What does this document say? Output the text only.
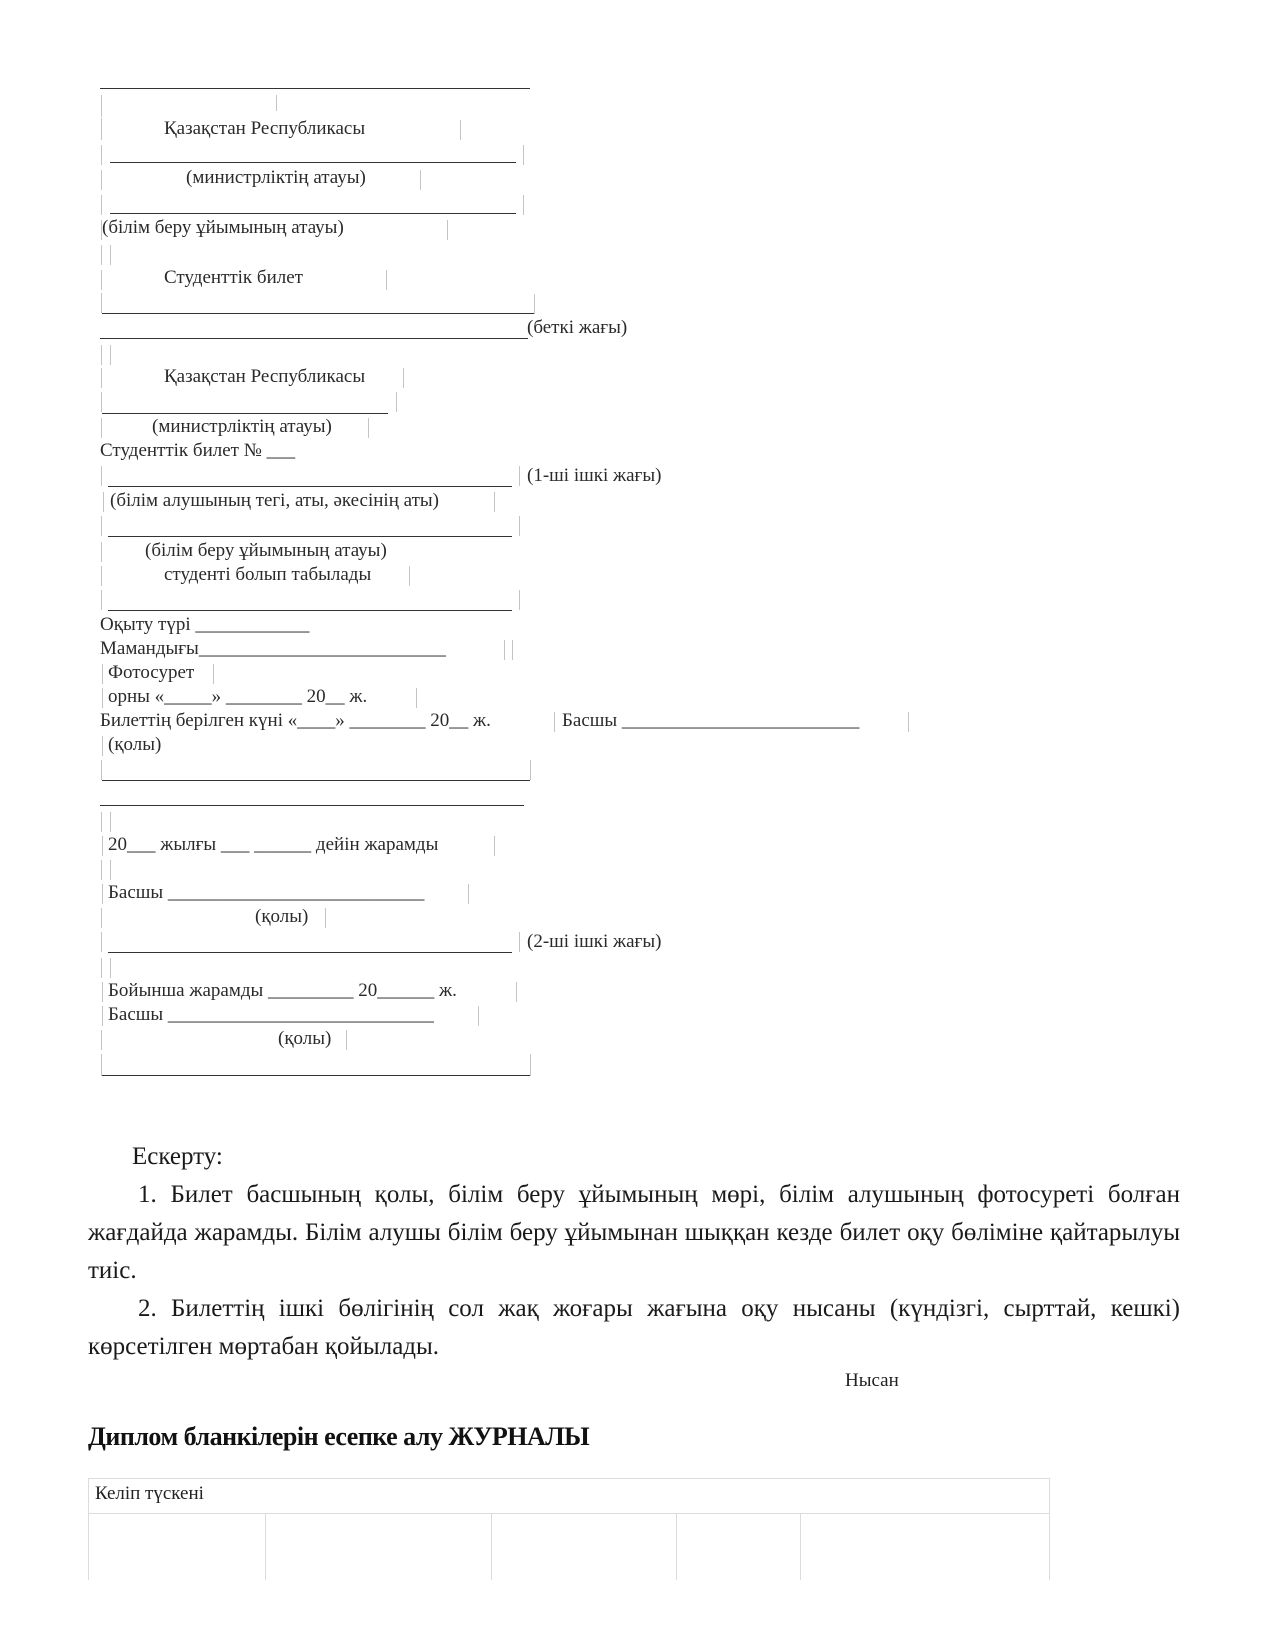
Қазақстан Республикасы
(министрліктің атауы)
(білім беру ұйымының атауы)
Студенттік билет
(беткі жағы)
Қазақстан Республикасы
(министрліктің атауы)
Студенттік билет № ___
(1-ші ішкі жағы)
(білім алушының тегі, аты, әкесінің аты)
(білім беру ұйымының атауы)
студенті болып табылады
Оқыту түрі ____________
Мамандығы__________________________
Фотосурет
орны «_____» ________ 20__ ж.
Билеттің берілген күні «____» ________ 20__ ж.	Басшы _________________________
(қолы)
20___ жылғы ___ ______ дейін жарамды
Басшы ___________________________
(қолы)
(2-ші ішкі жағы)
Бойынша жарамды _________ 20______ ж.
Басшы ____________________________
(қолы)

Ескерту:

1. Билет басшының қолы, білім беру ұйымының мөрі, білім алушының фотосуреті болған жағдайда жарамды. Білім алушы білім беру ұйымынан шыққан кезде билет оқу бөліміне қайтарылуы тиіс.

2. Билеттің ішкі бөлігінің сол жақ жоғары жағына оқу нысаны (күндізгі, сырттай, кешкі) көрсетілген мөртабан қойылады.

Нысан
Диплом бланкілерін есепке алу ЖУРНАЛЫ
Келіп түскені
